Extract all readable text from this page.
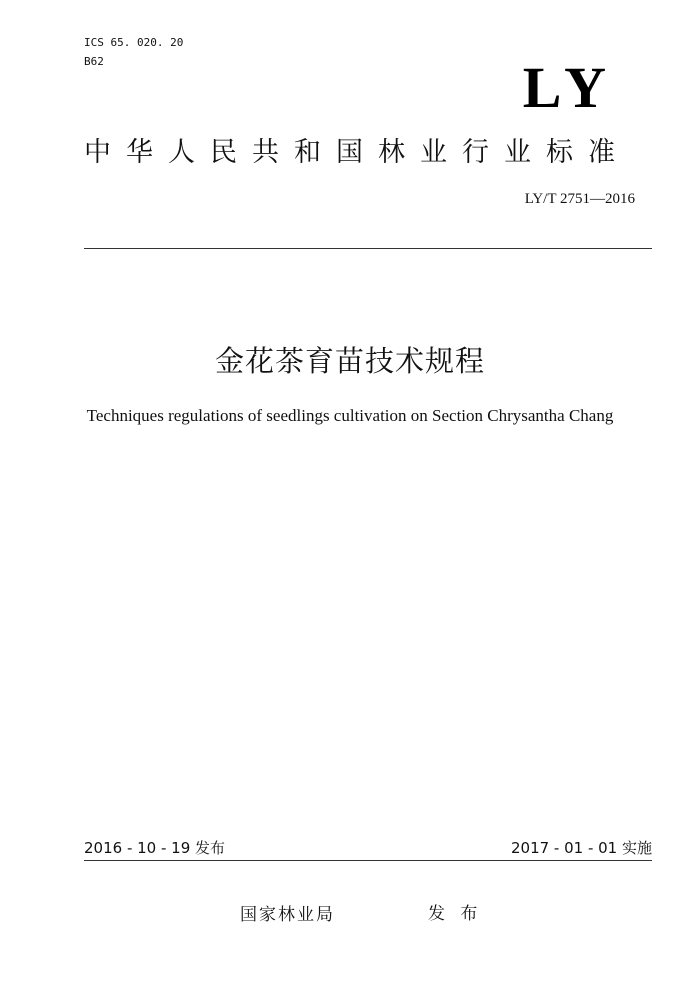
ICS 65. 020. 20
B62	LY
中华人民共和国林业行业标准
LY/T 2751—2016
金花茶育苗技术规程
Techniques regulations of seedlings cultivation on Section Chrysantha Chang
2016 - 10 - 19 发布	2017 - 01 - 01 实施
国家林业局	发 布
